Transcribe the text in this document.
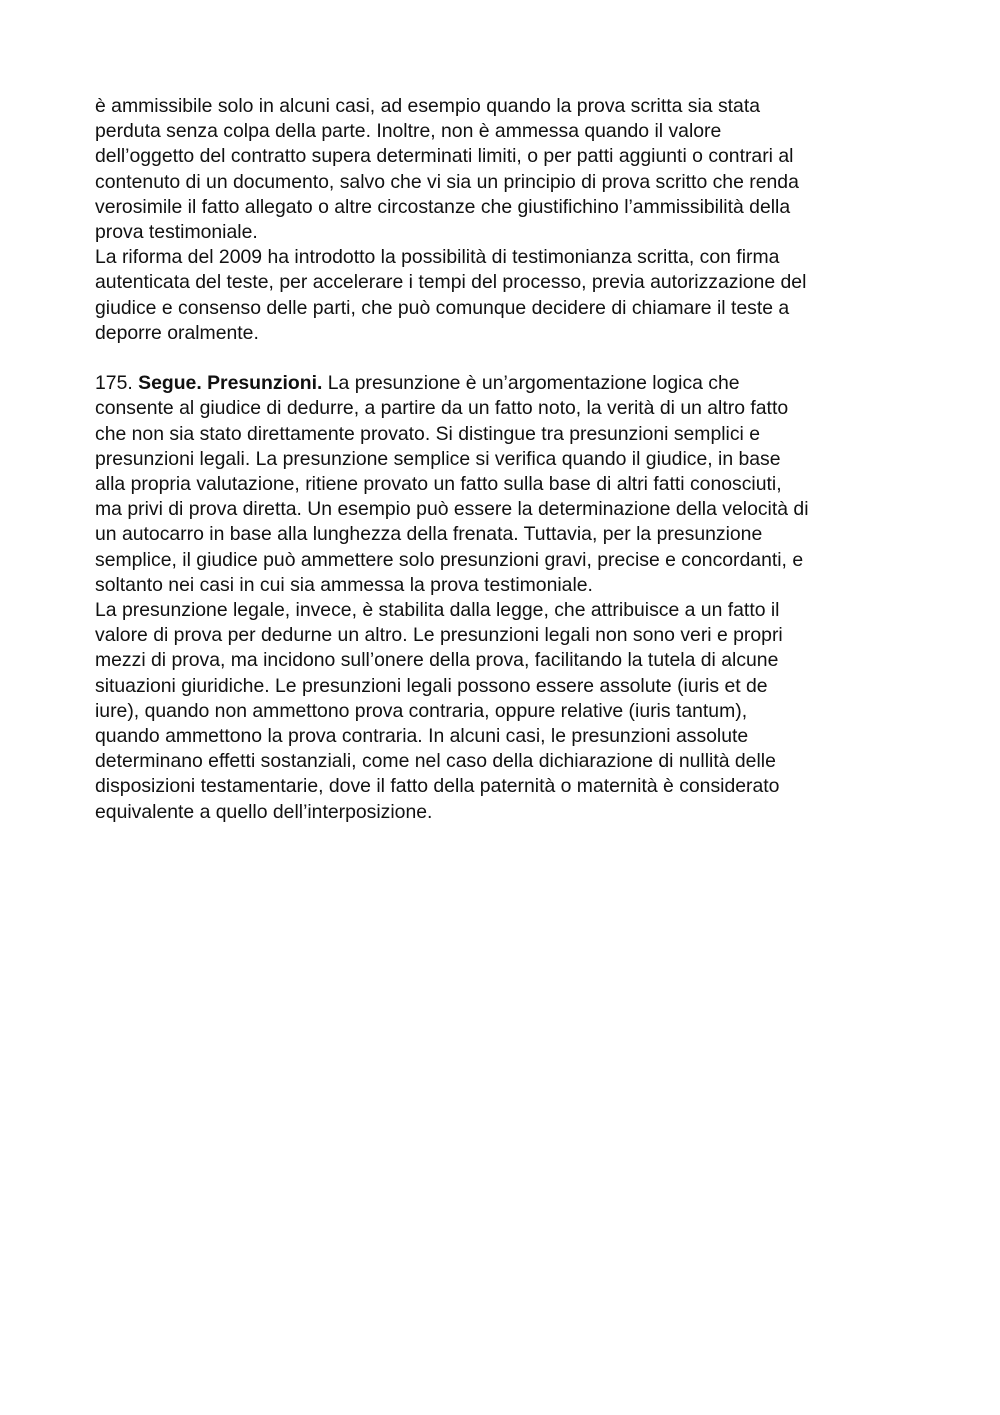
è ammissibile solo in alcuni casi, ad esempio quando la prova scritta sia stata
perduta senza colpa della parte. Inoltre, non è ammessa quando il valore
dell’oggetto del contratto supera determinati limiti, o per patti aggiunti o contrari al
contenuto di un documento, salvo che vi sia un principio di prova scritto che renda
verosimile il fatto allegato o altre circostanze che giustifichino l’ammissibilità della
prova testimoniale.

La riforma del 2009 ha introdotto la possibilità di testimonianza scritta, con firma
autenticata del teste, per accelerare i tempi del processo, previa autorizzazione del
giudice e consenso delle parti, che può comunque decidere di chiamare il teste a
deporre oralmente.

175. Segue. Presunzioni. La presunzione è un’argomentazione logica che
consente al giudice di dedurre, a partire da un fatto noto, la verità di un altro fatto
che non sia stato direttamente provato. Si distingue tra presunzioni semplici e
presunzioni legali. La presunzione semplice si verifica quando il giudice, in base
alla propria valutazione, ritiene provato un fatto sulla base di altri fatti conosciuti,
ma privi di prova diretta. Un esempio può essere la determinazione della velocità di
un autocarro in base alla lunghezza della frenata. Tuttavia, per la presunzione
semplice, il giudice può ammettere solo presunzioni gravi, precise e concordanti, e
soltanto nei casi in cui sia ammessa la prova testimoniale.

La presunzione legale, invece, è stabilita dalla legge, che attribuisce a un fatto il
valore di prova per dedurne un altro. Le presunzioni legali non sono veri e propri
mezzi di prova, ma incidono sull’onere della prova, facilitando la tutela di alcune
situazioni giuridiche. Le presunzioni legali possono essere assolute (iuris et de
iure), quando non ammettono prova contraria, oppure relative (iuris tantum),
quando ammettono la prova contraria. In alcuni casi, le presunzioni assolute
determinano effetti sostanziali, come nel caso della dichiarazione di nullità delle
disposizioni testamentarie, dove il fatto della paternità o maternità è considerato
equivalente a quello dell’interposizione.
